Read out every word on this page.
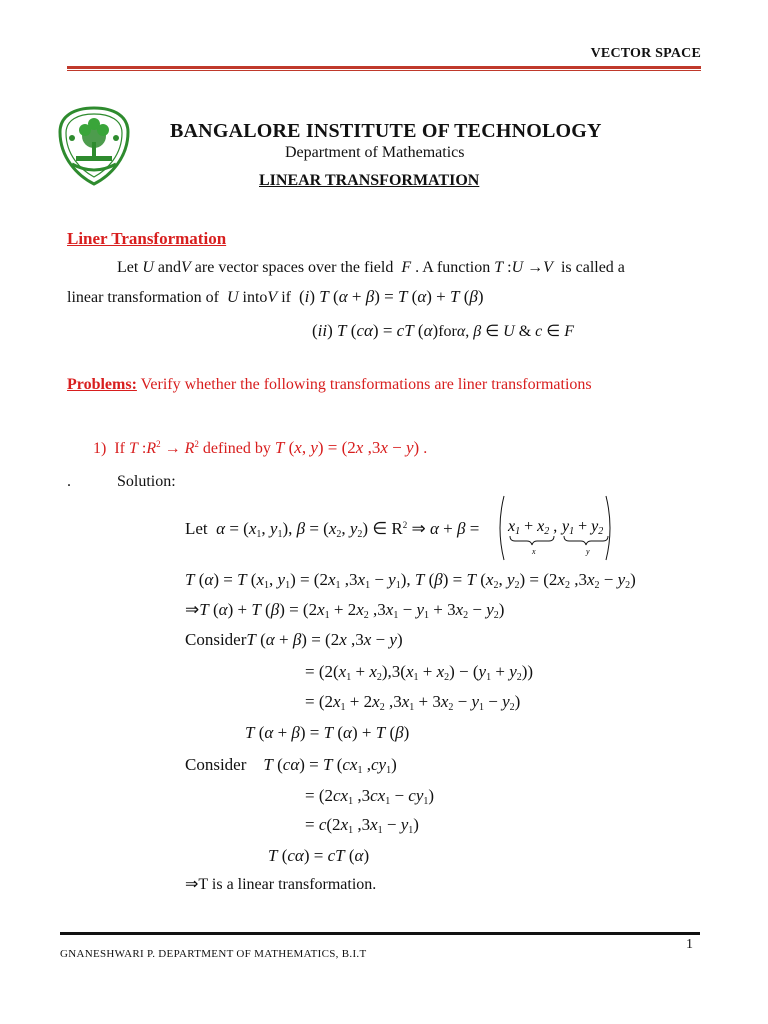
VECTOR SPACE
BANGALORE INSTITUTE OF TECHNOLOGY
Department of Mathematics
LINEAR TRANSFORMATION
Liner Transformation
Let U andV are vector spaces over the field  F . A function T :U →V  is called a
linear transformation of  U intoV if  (i) T (α + β) = T (α) + T (β)
(ii) T (cα) = cT (α)forα, β ∈ U & c ∈ F
Problems: Verify whether the following transformations are liner transformations
1)  If T $:R^2 \to R^2$ defined by T (x, y) = (2x ,3x − y) .
.	Solution:
Let  $\alpha = (x_1$, $y_1$), $\beta = (x_2$, $y_2$) ∈ $R^2$ ⇒ α + β = x1 + x2 , y1 + y2
x	y
T (α) = T ($x_1$, $y_1) = (2x_1$ $,3x_1 - y_1$), T (β) = T ($x_2$, $y_2) = (2x_2$ $,3x_2 - y_2$)
⇒T (α) + T $(\beta) = (2x_1 + 2x_2$ $,3x_1 - y_1 + 3x_2 - y_2$)
ConsiderT (α + β) = (2x ,3x − y)
= $(2(x_1 + x_2),3(x_1 + x_2) - (y_1 + y_2))$
= ($2x_1 + 2x_2$ $,3x_1 + 3x_2 - y_1 - y_2$)
T (α + β) = T (α) + T (β)
Consider    T (cα) = T ($cx_1$ $,cy_1$)
= ($2cx_1$ $,3cx_1 - cy_1$)
= $c(2x_1$ $,3x_1 - y_1$)
T (cα) = cT (α)
⇒T is a linear transformation.
1
GNANESHWARI P. DEPARTMENT OF MATHEMATICS, B.I.T
